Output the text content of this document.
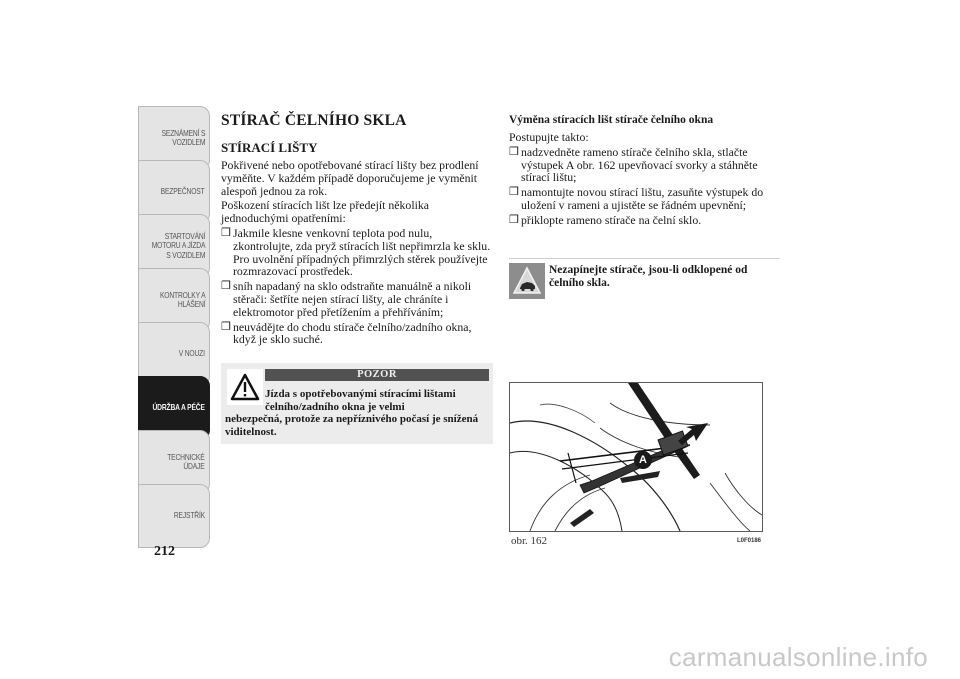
SEZNÁMENÍ S
VOZIDLEM
BEZPEČNOST
STARTOVÁNÍ
MOTORU A JÍZDA
S VOZIDLEM
KONTROLKY A
HLÁŠENÍ
V NOUZI
ÚDRŽBA A PÉČE
TECHNICKÉ
ÚDAJE
REJSTŘÍK
212
STÍRAČ ČELNÍHO SKLA
STÍRACÍ LIŠTY

Pokřivené nebo opotřebované stírací lišty bez prodlení vyměňte. V každém případě doporučujeme je vyměnit alespoň jednou za rok.

Poškození stíracích lišt lze předejít několika jednoduchými opatřeními:

❒ Jakmile klesne venkovní teplota pod nulu, zkontrolujte, zda pryž stíracích lišt nepřimrzla ke sklu. Pro uvolnění případných přimrzlých stěrek používejte rozmrazovací prostředek.
❒ sníh napadaný na sklo odstraňte manuálně a nikoli stěrači: šetříte nejen stírací lišty, ale chráníte i elektromotor před přetížením a přehříváním;
❒ neuvádějte do chodu stírače čelního/zadního okna, když je sklo suché.
POZOR
Jízda s opotřebovanými stíracími lištami
čelního/zadního okna je velmi
nebezpečná, protože za nepříznivého počasí je snížená viditelnost.
Výměna stíracích lišt stírače čelního okna

Postupujte takto:

❒ nadzvedněte rameno stírače čelního skla, stlačte výstupek A obr. 162 upevňovací svorky a stáhněte stírací lištu;
❒ namontujte novou stírací lištu, zasuňte výstupek do uložení v rameni a ujistěte se řádném upevnění;
❒ přiklopte rameno stírače na čelní sklo.
Nezapínejte stírače, jsou-li odklopené od čelního skla.
A
obr. 162	L0F0186
carmanualsonline.info
